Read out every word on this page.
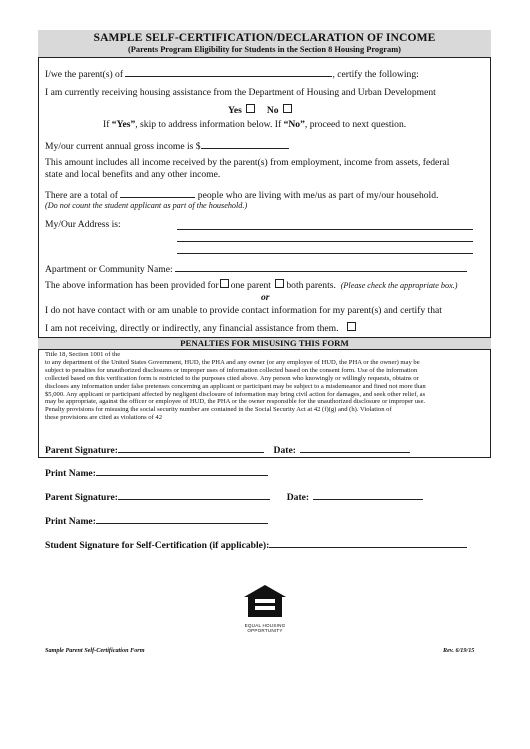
SAMPLE SELF-CERTIFICATION/DECLARATION OF INCOME
(Parents Program Eligibility for Students in the Section 8 Housing Program)
I/we the parent(s) of	, certify the following:
I am currently receiving housing assistance from the Department of Housing and Urban Development
Yes	No
If “Yes”, skip to address information below. If “No”, proceed to next question.
My/our current annual gross income is $
This amount includes all income received by the parent(s) from employment, income from assets, federal
state and local benefits and any other income.
There are a total of	people who are living with me/us as part of my/our household.
(Do not count the student applicant as part of the household.)
My/Our Address is:
Apartment or Community Name:
The above information has been provided for one parent both parents. (Please check the appropriate box.)
or
I do not have contact with or am unable to provide contact information for my parent(s) and certify that
I am not receiving, directly or indirectly, any financial assistance from them.
PENALTIES FOR MISUSING THIS FORM
Title 18, Section 1001 of the
to any department of the United States Government, HUD, the PHA and any owner (or any employee of HUD, the PHA or the owner) may be
subject to penalties for unauthorized disclosures or improper uses of information collected based on the consent form. Use of the information
collected based on this verification form is restricted to the purposes cited above. Any person who knowingly or willingly requests, obtains or
discloses any information under false pretenses concerning an applicant or participant may be subject to a misdemeanor and fined not more than
$5,000. Any applicant or participant affected by negligent disclosure of information may bring civil action for damages, and seek other relief, as
may be appropriate, against the officer or employee of HUD, the PHA or the owner responsible for the unauthorized disclosure or improper use.
Penalty provisions for misusing the social security number are contained in the Social Security Act at 42 (f)(g) and (h). Violation of
these provisions are cited as violations of 42
Parent Signature:	Date:
Print Name:
Parent Signature:	Date:
Print Name:
Student Signature for Self-Certification (if applicable):
EQUAL HOUSING
OPPORTUNITY
Sample Parent Self-Certification Form	Rev. 6/19/15
